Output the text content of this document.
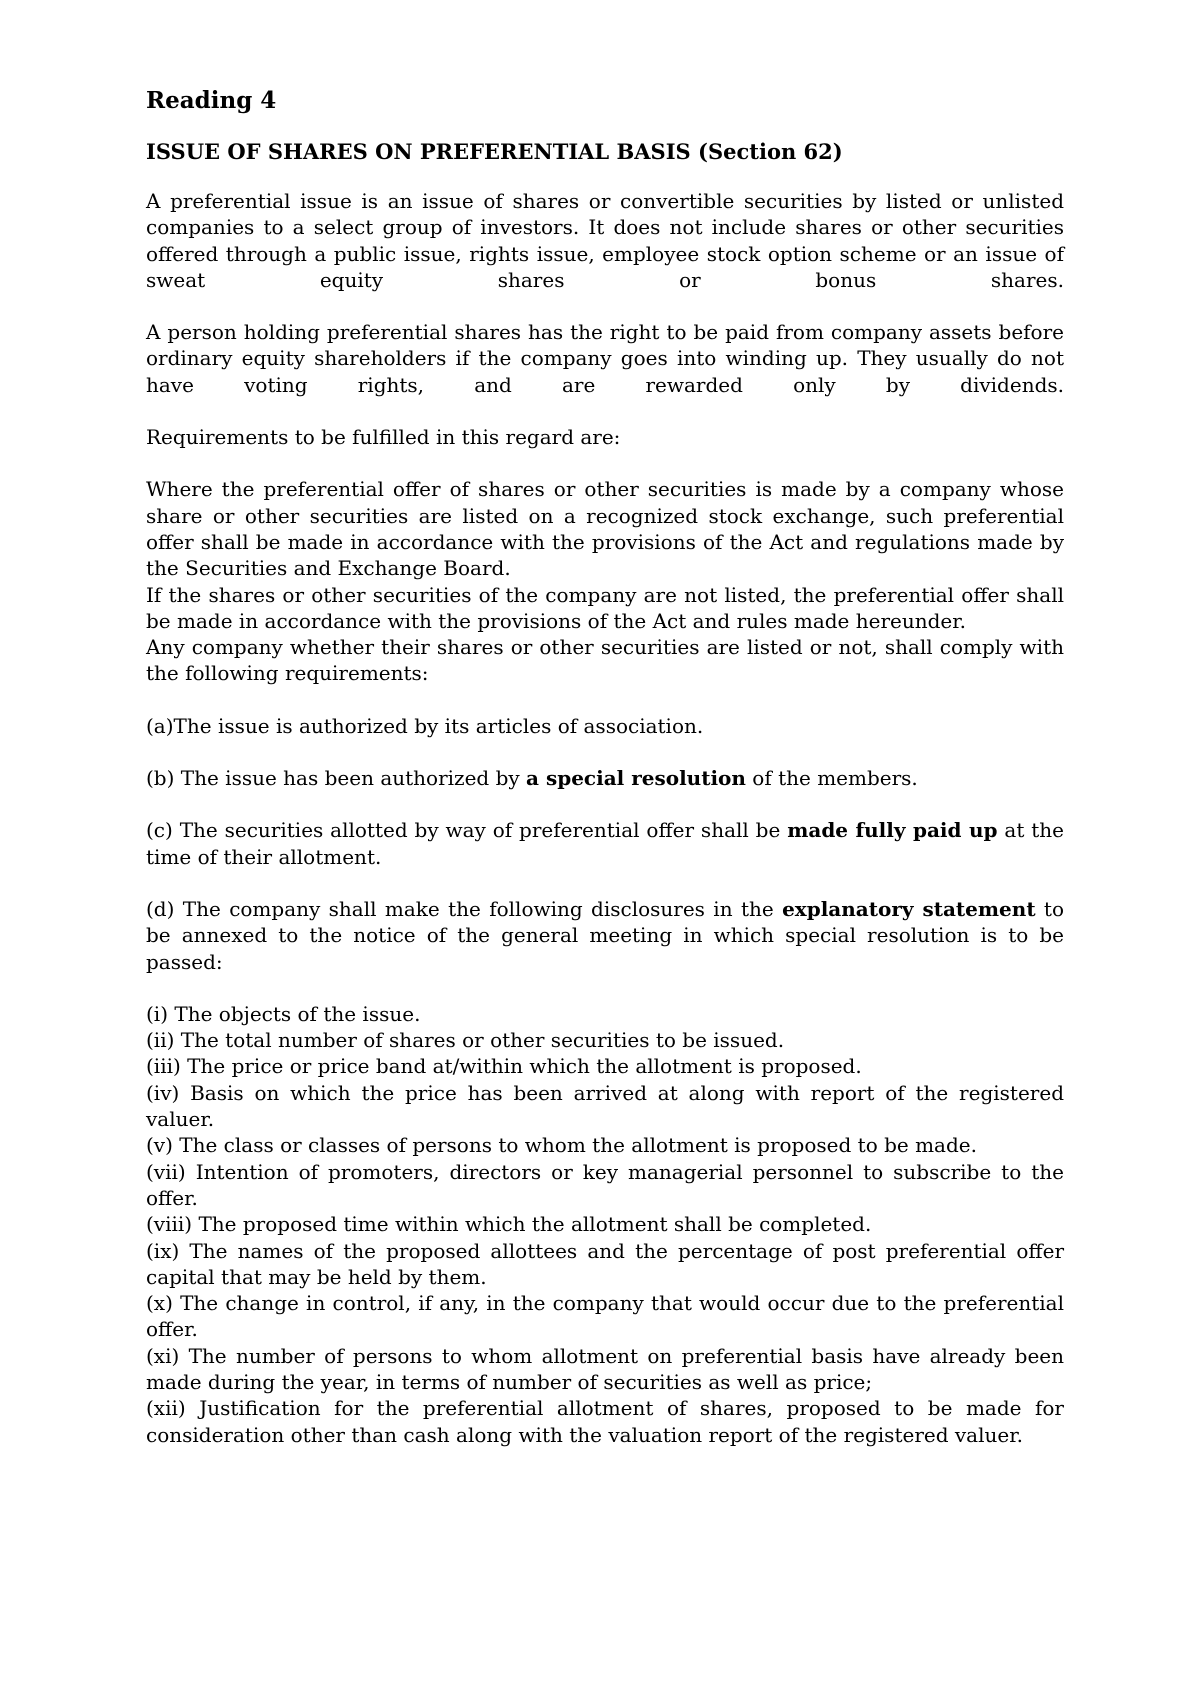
Reading 4
ISSUE OF SHARES ON PREFERENTIAL BASIS (Section 62)

A preferential issue is an issue of shares or convertible securities by listed or unlisted companies to a select group of investors. It does not include shares or other securities offered through a public issue, rights issue, employee stock option scheme or an issue of sweat equity shares or bonus shares.

A person holding preferential shares has the right to be paid from company assets before ordinary equity shareholders if the company goes into winding up. They usually do not have voting rights, and are rewarded only by dividends.

Requirements to be fulfilled in this regard are:

Where the preferential offer of shares or other securities is made by a company whose share or other securities are listed on a recognized stock exchange, such preferential offer shall be made in accordance with the provisions of the Act and regulations made by the Securities and Exchange Board.

If the shares or other securities of the company are not listed, the preferential offer shall be made in accordance with the provisions of the Act and rules made hereunder.

Any company whether their shares or other securities are listed or not, shall comply with the following requirements:

(a)The issue is authorized by its articles of association.

(b) The issue has been authorized by a special resolution of the members.

(c) The securities allotted by way of preferential offer shall be made fully paid up at the time of their allotment.

(d) The company shall make the following disclosures in the explanatory statement to be annexed to the notice of the general meeting in which special resolution is to be passed:

(i) The objects of the issue.

(ii) The total number of shares or other securities to be issued.

(iii) The price or price band at/within which the allotment is proposed.

(iv) Basis on which the price has been arrived at along with report of the registered valuer.

(v) The class or classes of persons to whom the allotment is proposed to be made.

(vii) Intention of promoters, directors or key managerial personnel to subscribe to the offer.

(viii) The proposed time within which the allotment shall be completed.

(ix) The names of the proposed allottees and the percentage of post preferential offer capital that may be held by them.

(x) The change in control, if any, in the company that would occur due to the preferential offer.

(xi) The number of persons to whom allotment on preferential basis have already been made during the year, in terms of number of securities as well as price;

(xii) Justification for the preferential allotment of shares, proposed to be made for consideration other than cash along with the valuation report of the registered valuer.
